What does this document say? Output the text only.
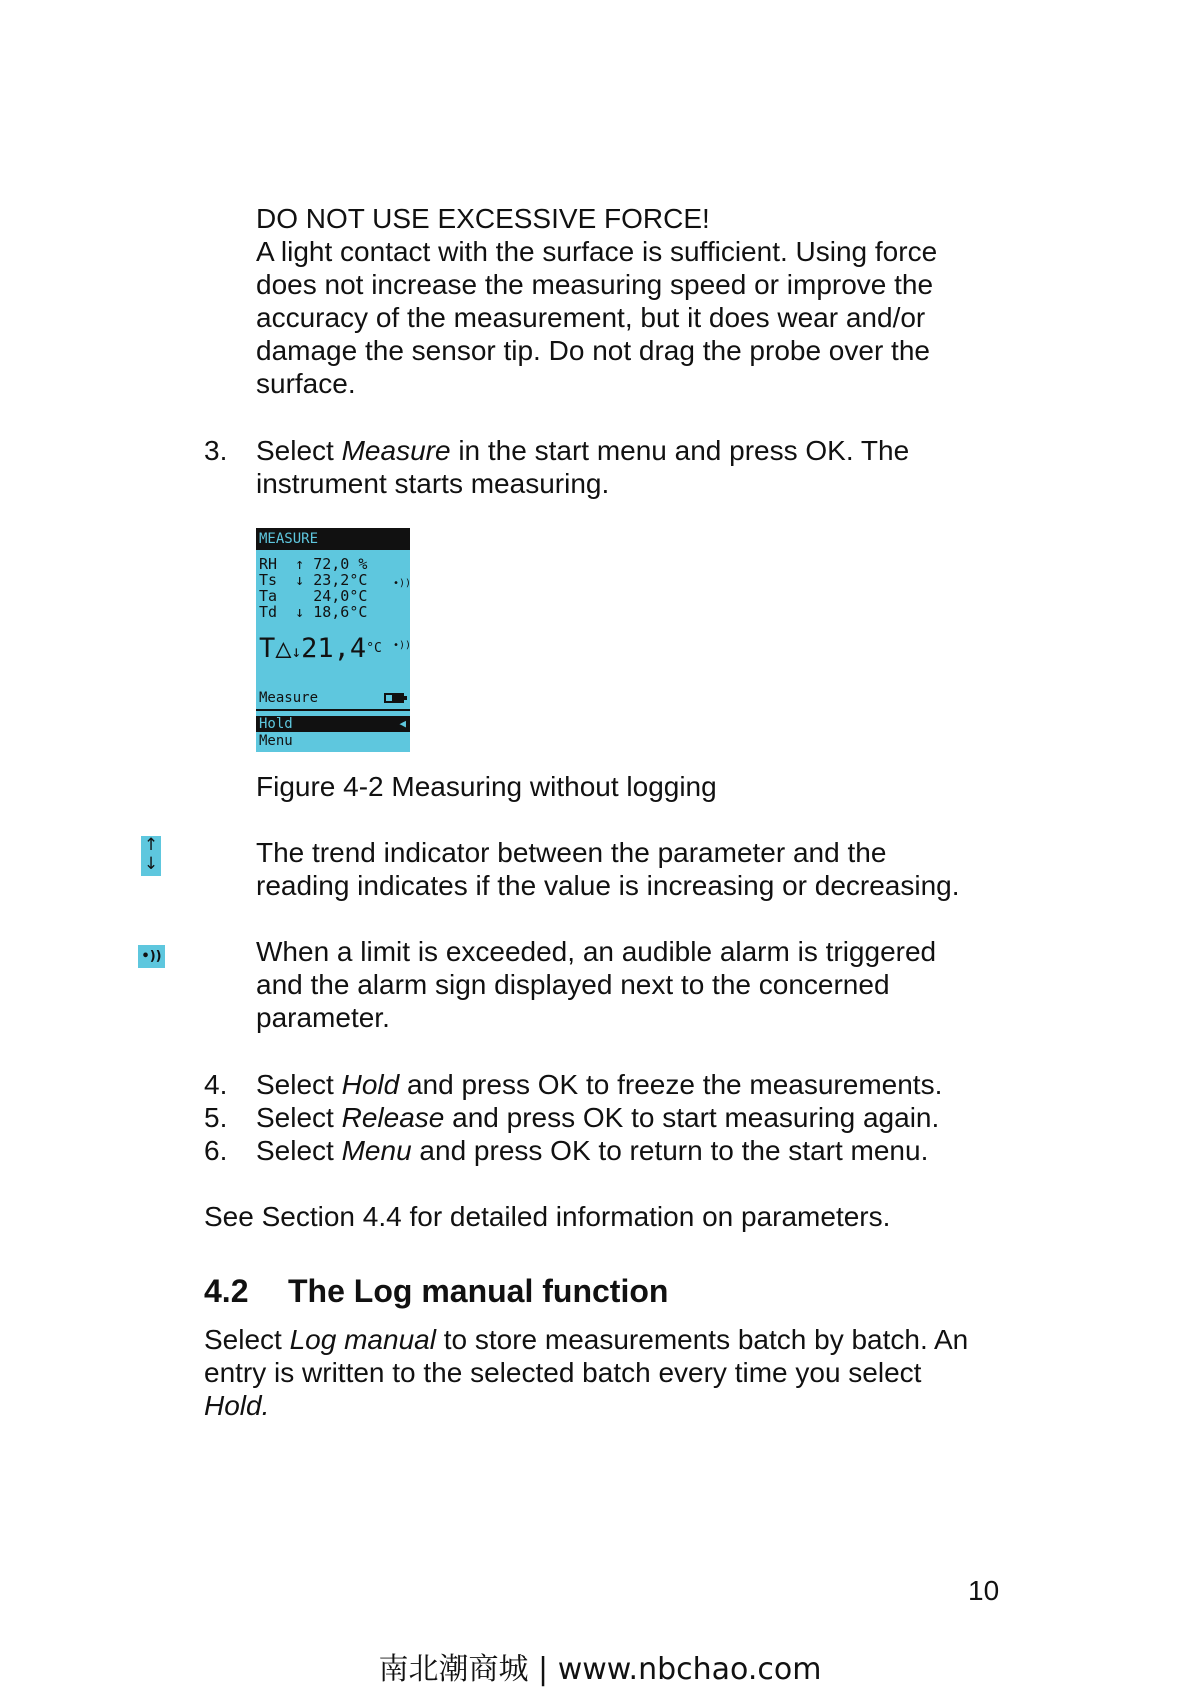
DO NOT USE EXCESSIVE FORCE!
A light contact with the surface is sufficient. Using force
does not increase the measuring speed or improve the
accuracy of the measurement, but it does wear and/or
damage the sensor tip. Do not drag the probe over the
surface.
3. Select Measure in the start menu and press OK. The
instrument starts measuring.
MEASURE
RH ↑ 72,0 %
Ts ↓ 23,2°C
Ta 24,0°C
Td ↓ 18,6°C
•))
$T\triangle↓21,4^{^\circ C}$ •))
Measure
Hold	◀
Menu
Figure 4-2 Measuring without logging
↑
↓	The trend indicator between the parameter and the
reading indicates if the value is increasing or decreasing.
•))	When a limit is exceeded, an audible alarm is triggered
and the alarm sign displayed next to the concerned
parameter.
4. Select Hold and press OK to freeze the measurements.
5. Select Release and press OK to start measuring again.
6. Select Menu and press OK to return to the start menu.
See Section 4.4 for detailed information on parameters.
4.2 The Log manual function
Select Log manual to store measurements batch by batch. An
entry is written to the selected batch every time you select
Hold.
10
南北潮商城 | www.nbchao.com
